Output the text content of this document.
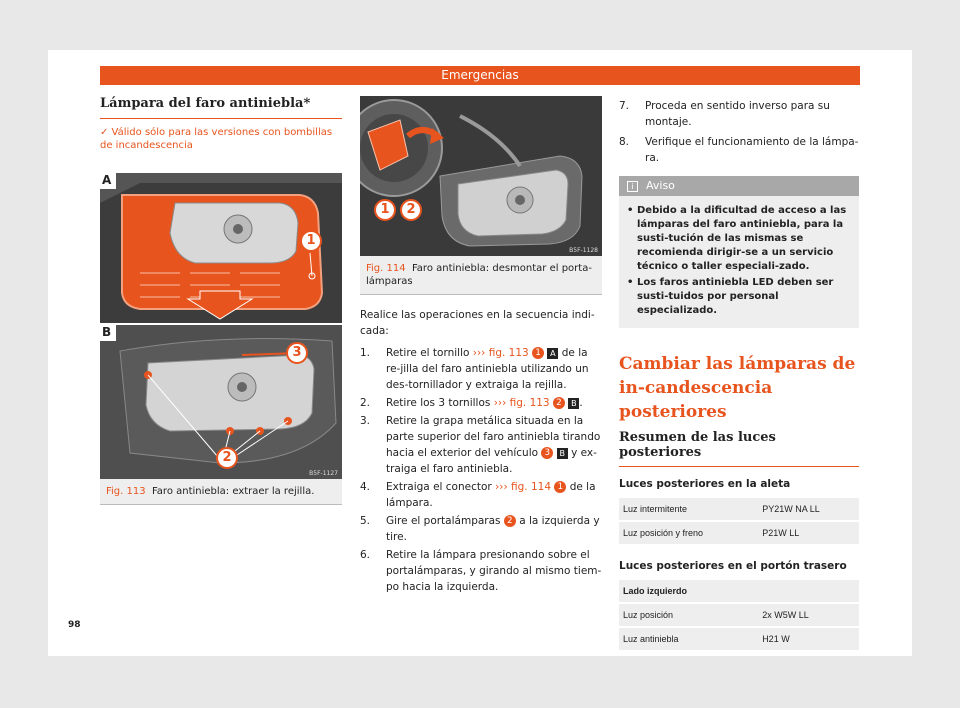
Emergencias
Lámpara del faro antiniebla*
✓ Válido sólo para las versiones con bombillas de incandescencia
A
B
1
3
2
B5F-1127
Fig. 113 Faro antiniebla: extraer la rejilla.
1	2
B5F-1128
Fig. 114 Faro antiniebla: desmontar el porta-lámparas

Realice las operaciones en la secuencia indi-cada:

1.	Retire el tornillo ››› fig. 113 1 A de la re-jilla del faro antiniebla utilizando un des-tornillador y extraiga la rejilla.
2.	Retire los 3 tornillos ››› fig. 113 2 B .
3.	Retire la grapa metálica situada en la parte superior del faro antiniebla tirando hacia el exterior del vehículo 3 B y ex-traiga el faro antiniebla.
4.	Extraiga el conector ››› fig. 114 1 de la lámpara.
5.	Gire el portalámparas 2 a la izquierda y tire.
6.	Retire la lámpara presionando sobre el portalámparas, y girando al mismo tiem-po hacia la izquierda.
7.	Proceda en sentido inverso para su montaje.
8.	Verifique el funcionamiento de la lámpa-ra.
i	Aviso
• Debido a la dificultad de acceso a las lámparas del faro antiniebla, para la susti-tución de las mismas se recomienda dirigir-se a un servicio técnico o taller especiali-zado.
• Los faros antiniebla LED deben ser susti-tuidos por personal especializado.
Cambiar las lámparas de in-candescencia posteriores
Resumen de las luces posteriores
Luces posteriores en la aleta
Luz intermitente	PY21W NA LL
Luz posición y freno	P21W LL
Luces posteriores en el portón trasero
Lado izquierdo	
Luz posición	2x W5W LL
Luz antiniebla	H21 W
98
